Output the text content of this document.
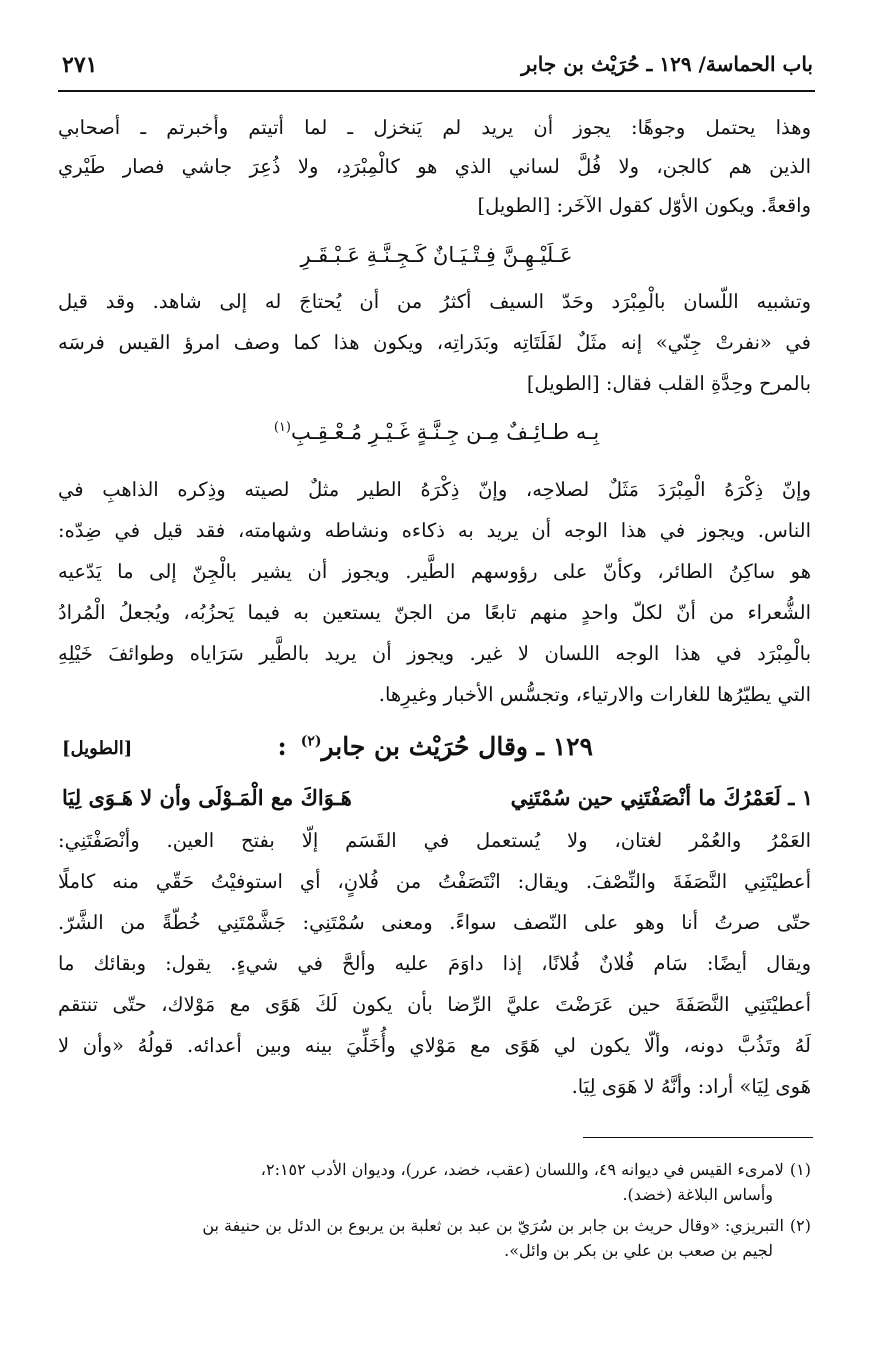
باب الحماسة/ ١٢٩ ـ حُرَيْث بن جابر
٢٧١
وهذا يحتمل وجوهًا: يجوز أن يريد لم يَنخزل ـ لما أتيتم وأخبرتم ـ أصحابي
الذين هم كالجن، ولا فُلَّ لساني الذي هو كالْمِبْرَدِ، ولا ذُعِرَ جاشي فصار طَيْري
واقعةً. ويكون الأوّل كقول الآخَر: [الطويل]
عَـلَيْـهِـنَّ فِـتْـيَـانٌ كَـجِـنَّـةِ عَـبْـقَـرِ
وتشبيه اللّسان بالْمِبْرَد وحَدّ السيف أكثرُ من أن يُحتاجَ له إلى شاهد. وقد قيل
في «نفرتْ جِنّي» إنه مثَلٌ لفَلَتَاتِه وبَدَراتِه، ويكون هذا كما وصف امرؤ القيس فرسَه
بالمرح وحِدَّةِ القلب فقال: [الطويل]
بِـه طـائِـفٌ مِـن جِـنَّـةٍ غَـيْـرِ مُـعْـقِـبِ$^{(١)}$
وإنّ ذِكْرَهُ الْمِبْرَدَ مَثَلٌ لصلاحِه، وإنّ ذِكْرَهُ الطير مثلٌ لصيته وذِكره الذاهبِ في
الناس. ويجوز في هذا الوجه أن يريد به ذكاءه ونشاطه وشهامته، فقد قيل في ضِدّه:
هو ساكِنُ الطائر، وكأنّ على رؤوسهم الطَّير. ويجوز أن يشير بالْجِنّ إلى ما يَدّعيه
الشُّعراء من أنّ لكلّ واحدٍ منهم تابعًا من الجنّ يستعين به فيما يَحزُبُه، ويُجعلُ الْمُرادُ
بالْمِبْرَد في هذا الوجه اللسان لا غير. ويجوز أن يريد بالطَّير سَرَاياه وطوائفَ خَيْلِهِ
التي يطيّرُها للغارات والارتياء، وتجسُّس الأخبار وغيرِها.
١٢٩ ـ وقال حُرَيْث بن جابر$^{(٢)}$:
[الطويل]
١ ـ لَعَمْرُكَ ما أنْصَفْتَنِي حين سُمْتَنِي
هَـوَاكَ مع الْمَـوْلَى وأن لا هَـوَى لِيَا
العَمْرُ والعُمْر لغتان، ولا يُستعمل في القَسَم إلّا بفتح العين. وأنْصَفْتَنِي:
أعطيْتَنِي النَّصَفَةَ والنِّصْفَ. ويقال: انْتَصَفْتُ من فُلانٍ، أي استوفيْتُ حَقّي منه كاملًا
حتّى صرتُ أنا وهو على النّصف سواءً. ومعنى سُمْتَنِي: جَشَّمْتَنِي خُطّةً من الشَّرّ.
ويقال أيضًا: سَام فُلانٌ فُلانًا، إذا داوَمَ عليه وألحَّ في شيءٍ. يقول: وبقائك ما
أعطيْتَنِي النَّصَفَةَ حين عَرَضْتَ عليَّ الرِّضا بأن يكون لَكَ هَوًى مع مَوْلاك، حتّى تنتقم
لَهُ وتَذُبَّ دونه، وألّا يكون لي هَوًى مع مَوْلاي وأُخَلِّيَ بينه وبين أعدائه. قولُهُ «وأن لا
هَوى لِيَا» أراد: وأنَّهُ لا هَوَى لِيَا.
(١)لامرىء القيس في ديوانه ٤٩، واللسان (عقب، خضد، عرر)، وديوان الأدب ٢:١٥٢،
وأساس البلاغة (خضد).
(٢)التبريزي: «وقال حريث بن جابر بن سُرَيّ بن عبد بن ثعلبة بن يربوع بن الدئل بن حنيفة بن
لجيم بن صعب بن علي بن بكر بن وائل».
